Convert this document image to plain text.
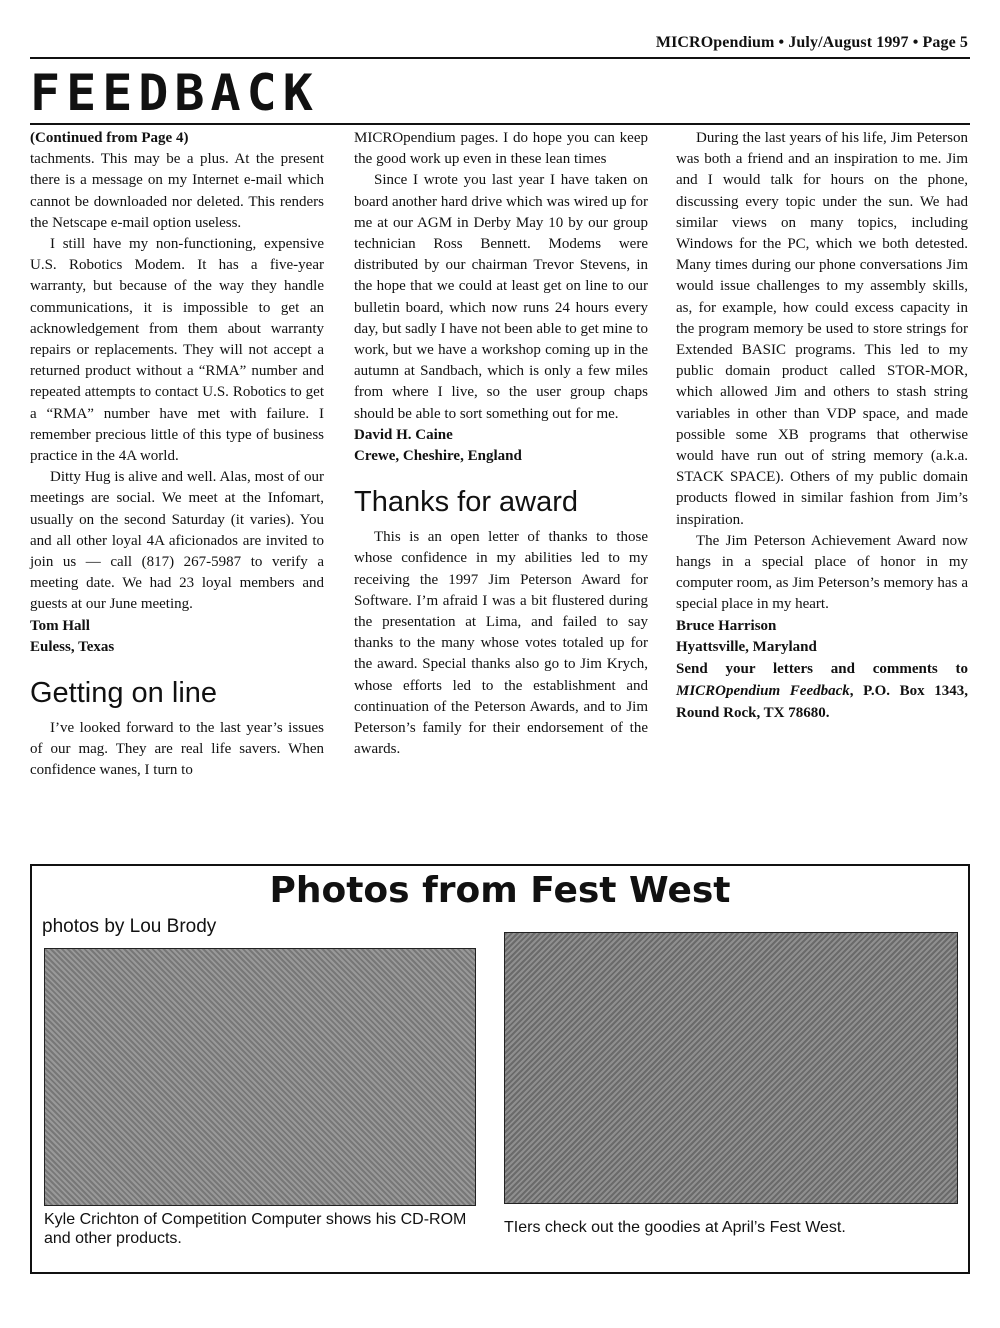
MICROpendium • July/August 1997 • Page 5
FEEDBACK

(Continued from Page 4)

tachments. This may be a plus. At the present there is a message on my Internet e-mail which cannot be downloaded nor deleted. This renders the Netscape e-mail option useless.

I still have my non-functioning, expensive U.S. Robotics Modem. It has a five-year warranty, but because of the way they handle communications, it is impossible to get an acknowledgement from them about warranty repairs or replacements. They will not accept a returned product without a “RMA” number and repeated attempts to contact U.S. Robotics to get a “RMA” number have met with failure. I remember precious little of this type of business practice in the 4A world.

Ditty Hug is alive and well. Alas, most of our meetings are social. We meet at the Infomart, usually on the second Saturday (it varies). You and all other loyal 4A aficionados are invited to join us — call (817) 267-5987 to verify a meeting date. We had 23 loyal members and guests at our June meeting.

Tom Hall

Euless, Texas

Getting on line

I’ve looked forward to the last year’s issues of our mag. They are real life savers. When confidence wanes, I turn to

MICROpendium pages. I do hope you can keep the good work up even in these lean times

Since I wrote you last year I have taken on board another hard drive which was wired up for me at our AGM in Derby May 10 by our group technician Ross Bennett. Modems were distributed by our chairman Trevor Stevens, in the hope that we could at least get on line to our bulletin board, which now runs 24 hours every day, but sadly I have not been able to get mine to work, but we have a workshop coming up in the autumn at Sandbach, which is only a few miles from where I live, so the user group chaps should be able to sort something out for me.

David H. Caine

Crewe, Cheshire, England

Thanks for award

This is an open letter of thanks to those whose confidence in my abilities led to my receiving the 1997 Jim Peterson Award for Software. I’m afraid I was a bit flustered during the presentation at Lima, and failed to say thanks to the many whose votes totaled up for the award. Special thanks also go to Jim Krych, whose efforts led to the establishment and continuation of the Peterson Awards, and to Jim Peterson’s family for their endorsement of the awards.

During the last years of his life, Jim Peterson was both a friend and an inspiration to me. Jim and I would talk for hours on the phone, discussing every topic under the sun. We had similar views on many topics, including Windows for the PC, which we both detested. Many times during our phone conversations Jim would issue challenges to my assembly skills, as, for example, how could excess capacity in the program memory be used to store strings for Extended BASIC programs. This led to my public domain product called STOR-MOR, which allowed Jim and others to stash string variables in other than VDP space, and made possible some XB programs that otherwise would have run out of string memory (a.k.a. STACK SPACE). Others of my public domain products flowed in similar fashion from Jim’s inspiration.

The Jim Peterson Achievement Award now hangs in a special place of honor in my computer room, as Jim Peterson’s memory has a special place in my heart.

Bruce Harrison

Hyattsville, Maryland

Send your letters and comments to MICROpendium Feedback, P.O. Box 1343, Round Rock, TX 78680.

Photos from Fest West
photos by Lou Brody
Kyle Crichton of Competition Computer shows his CD-ROM and other products.
TIers check out the goodies at April’s Fest West.
